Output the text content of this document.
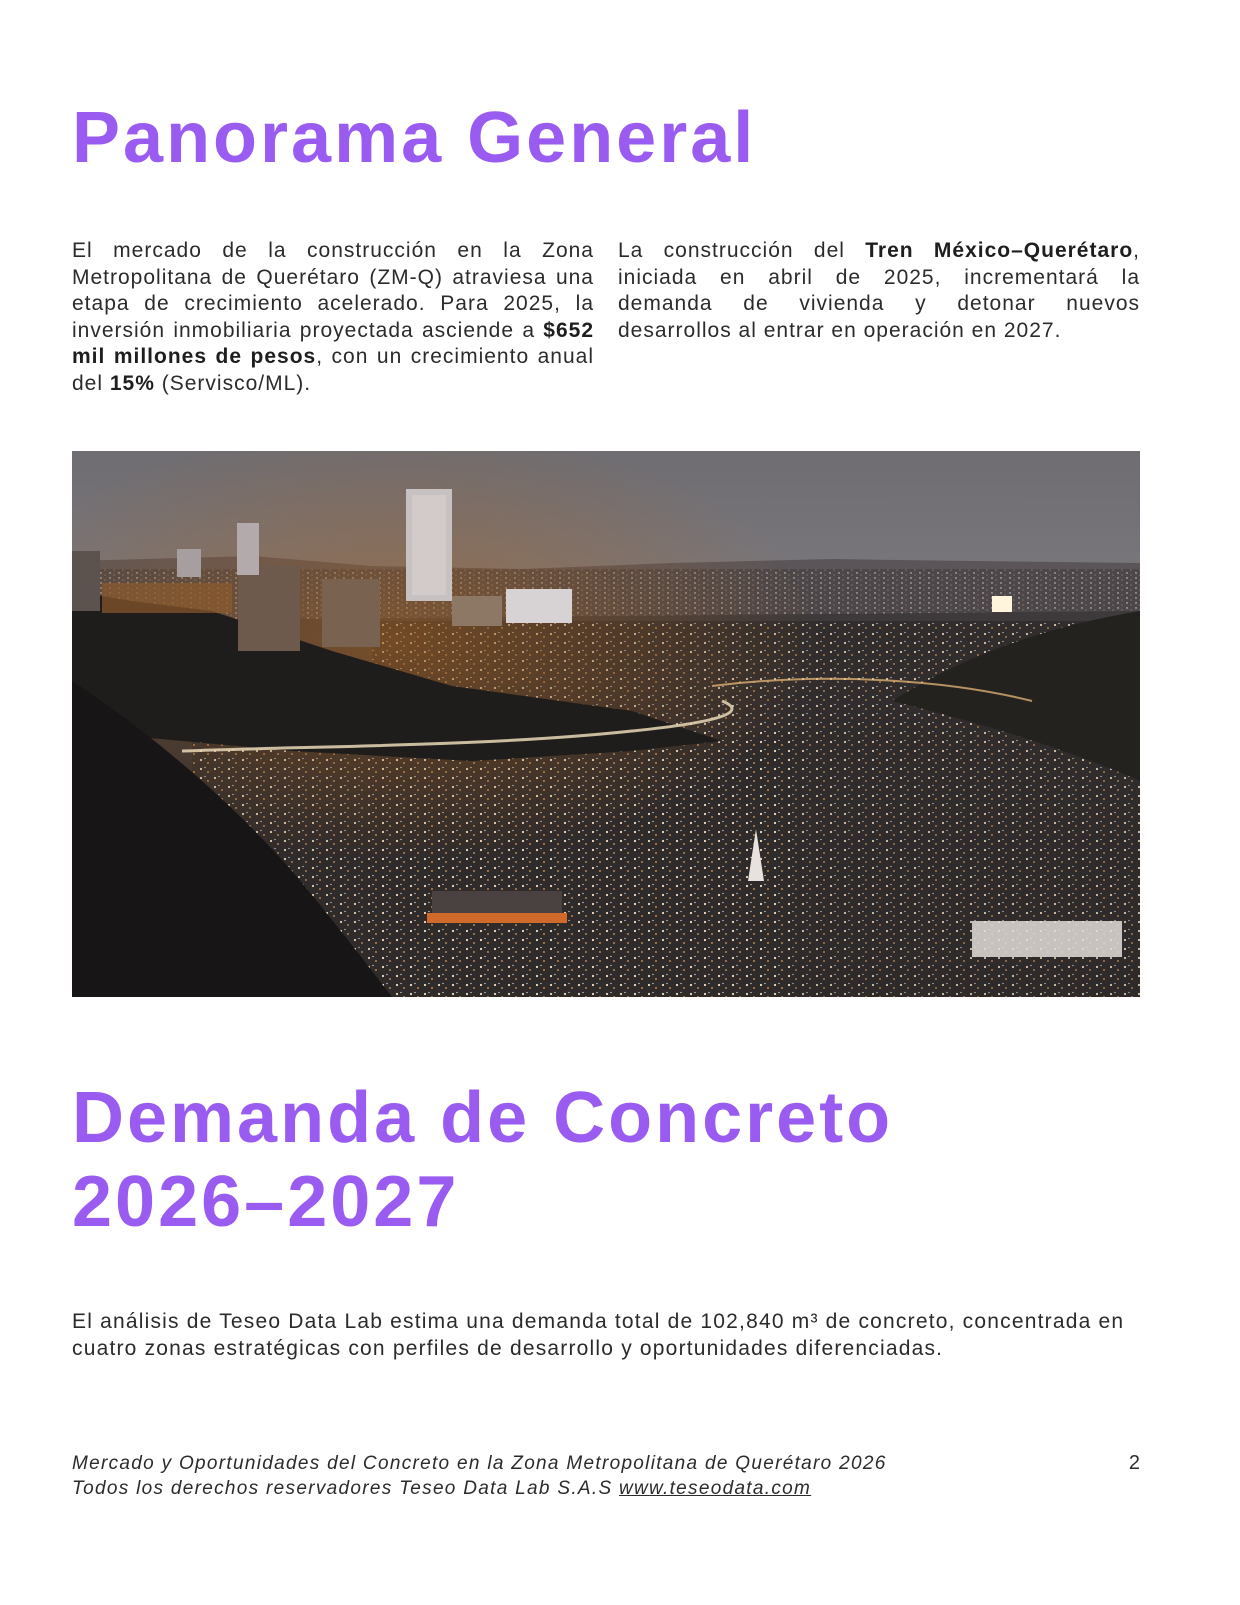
Panorama General

El mercado de la construcción en la Zona Metropolitana de Querétaro (ZM-Q) atraviesa una etapa de crecimiento acelerado. Para 2025, la inversión inmobiliaria proyectada asciende a $652 mil millones de pesos, con un crecimiento anual del 15% (Servisco/ML).

La construcción del Tren México–Querétaro, iniciada en abril de 2025, incrementará la demanda de vivienda y detonar nuevos desarrollos al entrar en operación en 2027.

Demanda de Concreto
2026–2027

El análisis de Teseo Data Lab estima una demanda total de 102,840 m³ de concreto, concentrada en cuatro zonas estratégicas con perfiles de desarrollo y oportunidades diferenciadas.

Mercado y Oportunidades del Concreto en la Zona Metropolitana de Querétaro 2026
Todos los derechos reservadores Teseo Data Lab S.A.S www.teseodata.com
2
